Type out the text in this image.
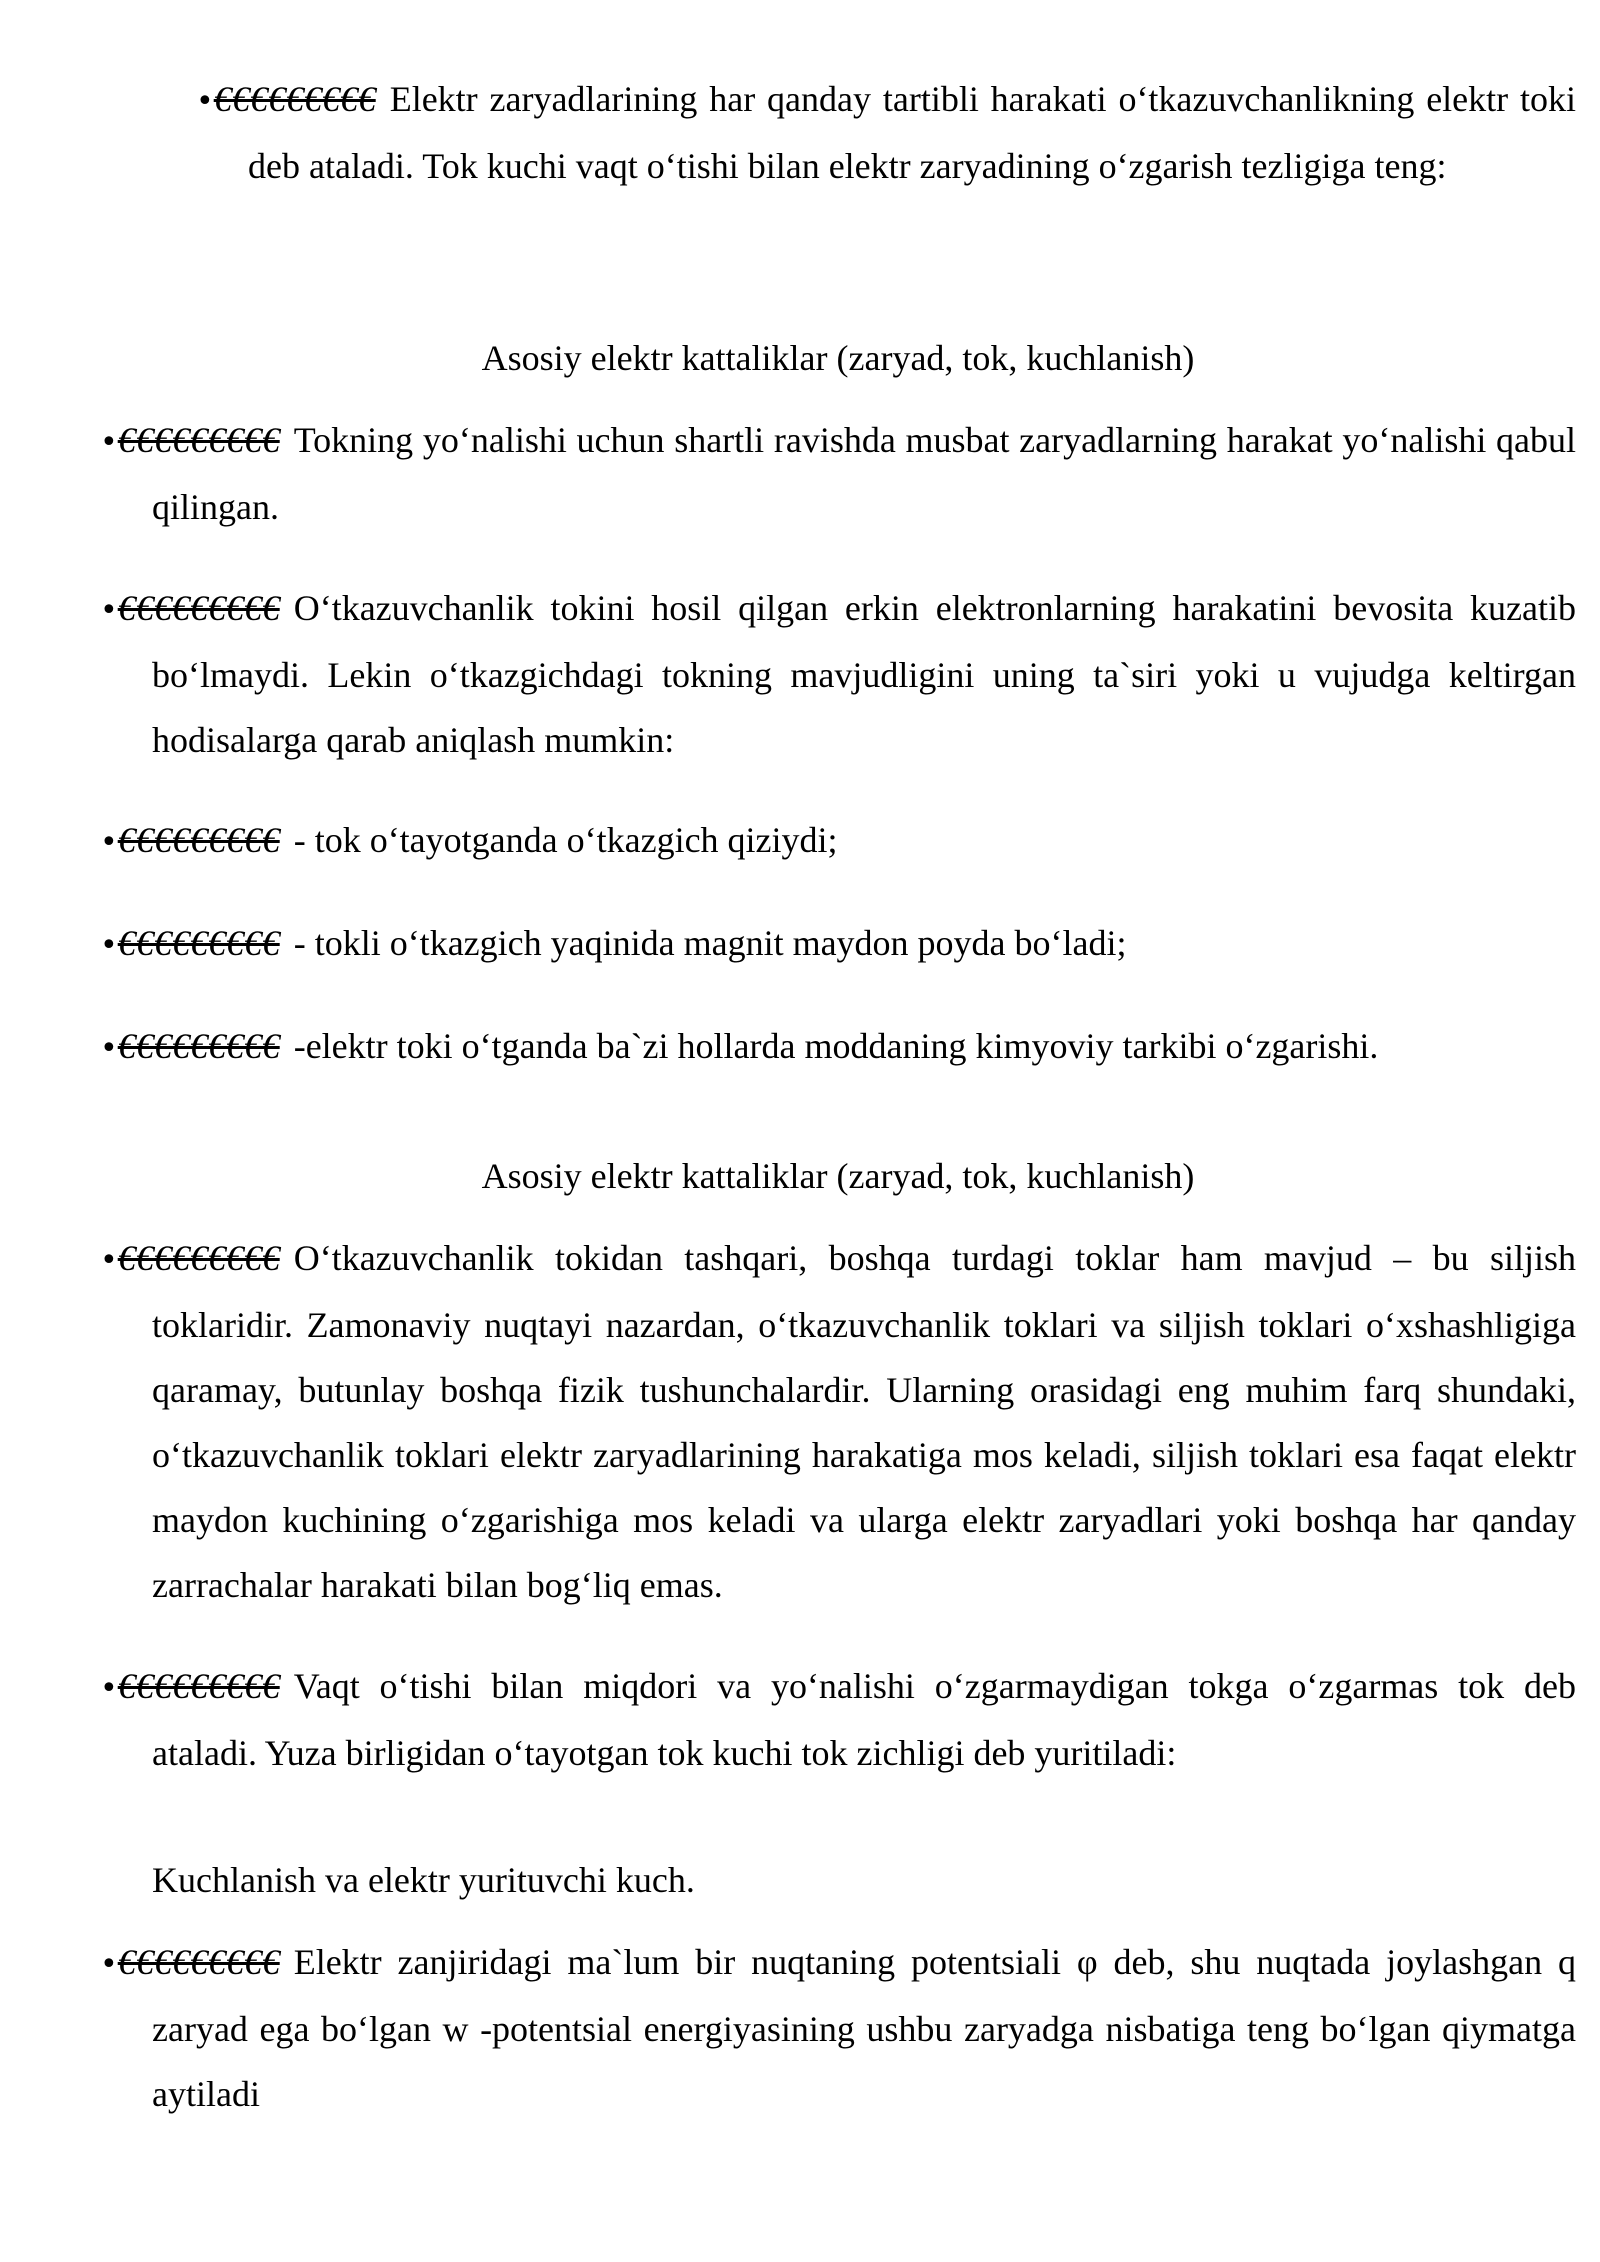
•€€€€€€€€€ Elektr zaryadlarining har qanday tartibli harakati o‘tkazuvchanlikning elektr toki deb ataladi. Tok kuchi vaqt o‘tishi bilan elektr zaryadining o‘zgarish tezligiga teng:

Asosiy elektr kattaliklar (zaryad, tok, kuchlanish)

•€€€€€€€€€ Tokning yo‘nalishi uchun shartli ravishda musbat zaryadlarning harakat yo‘nalishi qabul qilingan.

•€€€€€€€€€ O‘tkazuvchanlik tokini hosil qilgan erkin elektronlarning harakatini bevosita kuzatib bo‘lmaydi. Lekin o‘tkazgichdagi tokning mavjudligini uning ta`siri yoki u vujudga keltirgan hodisalarga qarab aniqlash mumkin:

•€€€€€€€€€ - tok o‘tayotganda o‘tkazgich qiziydi;

•€€€€€€€€€ - tokli o‘tkazgich yaqinida magnit maydon poyda bo‘ladi;

•€€€€€€€€€ -elektr toki o‘tganda ba`zi hollarda moddaning kimyoviy tarkibi o‘zgarishi.

Asosiy elektr kattaliklar (zaryad, tok, kuchlanish)

•€€€€€€€€€ O‘tkazuvchanlik tokidan tashqari, boshqa turdagi toklar ham mavjud – bu siljish toklaridir. Zamonaviy nuqtayi nazardan, o‘tkazuvchanlik toklari va siljish toklari o‘xshashligiga qaramay, butunlay boshqa fizik tushunchalardir. Ularning orasidagi eng muhim farq shundaki, o‘tkazuvchanlik toklari elektr zaryadlarining harakatiga mos keladi, siljish toklari esa faqat elektr maydon kuchining o‘zgarishiga mos keladi va ularga elektr zaryadlari yoki boshqa har qanday zarrachalar harakati bilan bog‘liq emas.

•€€€€€€€€€ Vaqt o‘tishi bilan miqdori va yo‘nalishi o‘zgarmaydigan tokga o‘zgarmas tok deb ataladi. Yuza birligidan o‘tayotgan tok kuchi tok zichligi deb yuritiladi:

Kuchlanish va elektr yurituvchi kuch.

•€€€€€€€€€ Elektr zanjiridagi ma`lum bir nuqtaning potentsiali φ deb, shu nuqtada joylashgan q zaryad ega bo‘lgan w -potentsial energiyasining ushbu zaryadga nisbatiga teng bo‘lgan qiymatga aytiladi
